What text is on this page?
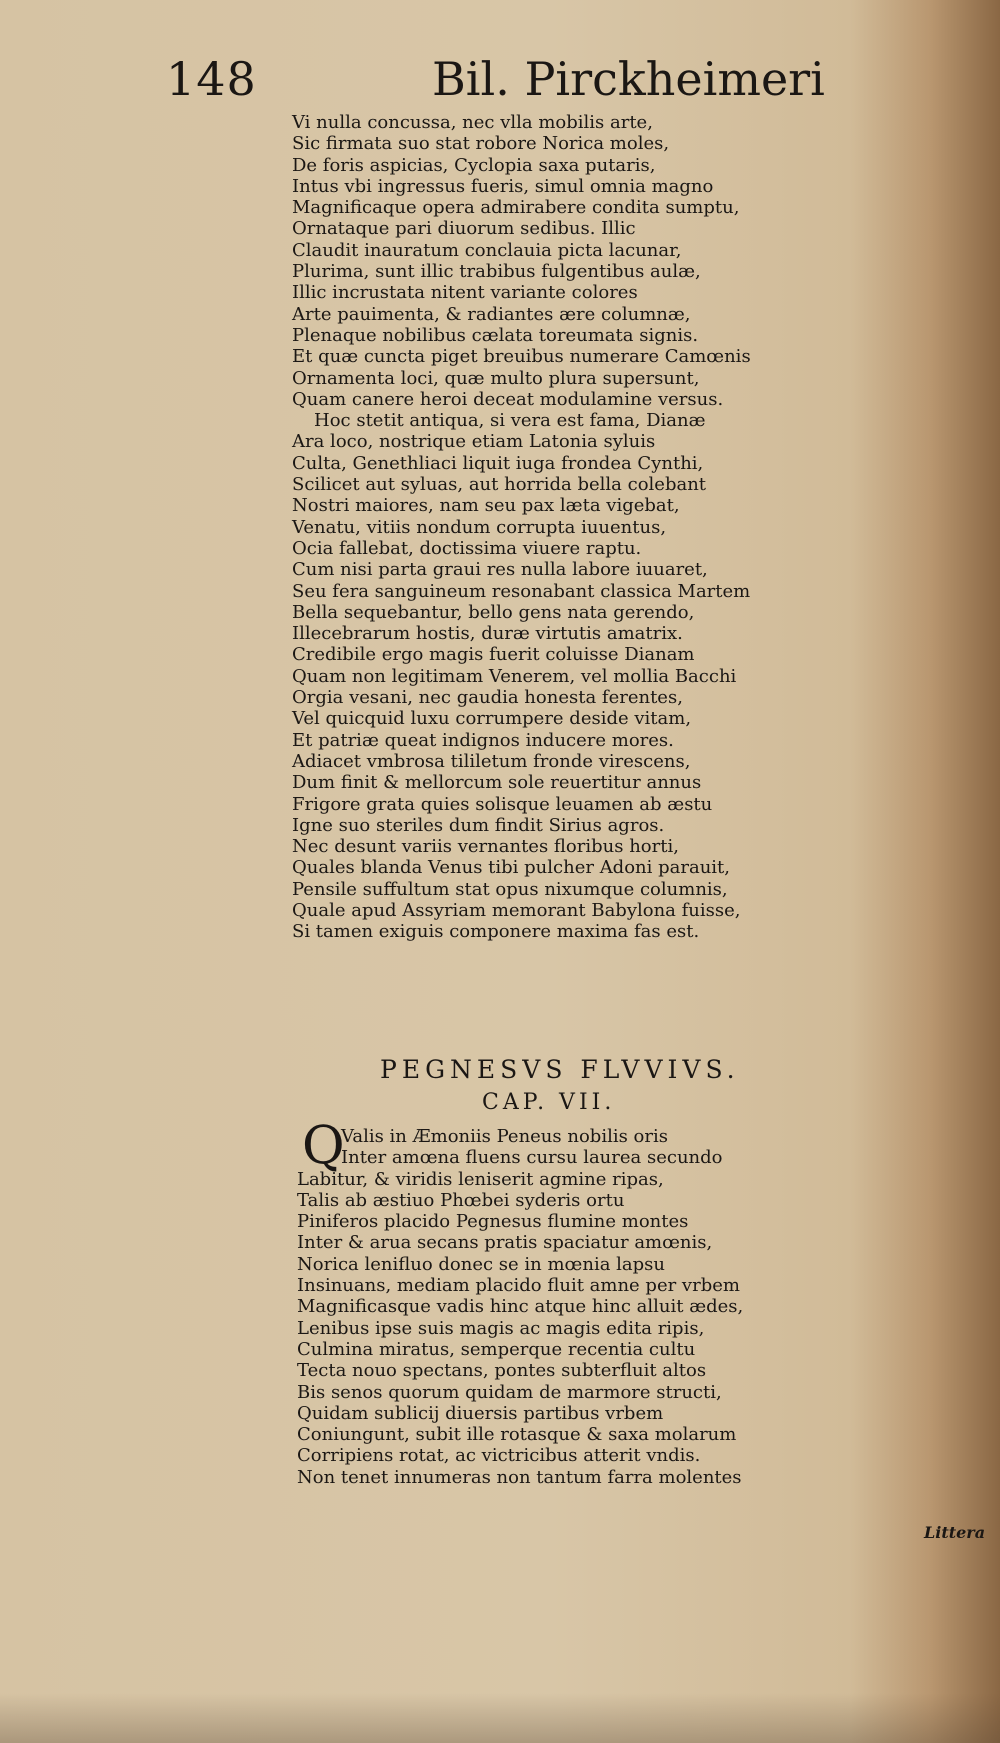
148	Bil. Pirckheimeri
Vi nulla concussa, nec vlla mobilis arte,
Sic firmata suo stat robore Norica moles,
De foris aspicias, Cyclopia saxa putaris,
Intus vbi ingressus fueris, simul omnia magno
Magnificaque opera admirabere condita sumptu,
Ornataque pari diuorum sedibus. Illic
Claudit inauratum conclauia picta lacunar,
Plurima, sunt illic trabibus fulgentibus aulæ,
Illic incrustata nitent variante colores
Arte pauimenta, & radiantes ære columnæ,
Plenaque nobilibus cælata toreumata signis.
Et quæ cuncta piget breuibus numerare Camœnis
Ornamenta loci, quæ multo plura supersunt,
Quam canere heroi deceat modulamine versus.
Hoc stetit antiqua, si vera est fama, Dianæ
Ara loco, nostrique etiam Latonia syluis
Culta, Genethliaci liquit iuga frondea Cynthi,
Scilicet aut syluas, aut horrida bella colebant
Nostri maiores, nam seu pax læta vigebat,
Venatu, vitiis nondum corrupta iuuentus,
Ocia fallebat, doctissima viuere raptu.
Cum nisi parta graui res nulla labore iuuaret,
Seu fera sanguineum resonabant classica Martem
Bella sequebantur, bello gens nata gerendo,
Illecebrarum hostis, duræ virtutis amatrix.
Credibile ergo magis fuerit coluisse Dianam
Quam non legitimam Venerem, vel mollia Bacchi
Orgia vesani, nec gaudia honesta ferentes,
Vel quicquid luxu corrumpere deside vitam,
Et patriæ queat indignos inducere mores.
Adiacet vmbrosa tililetum fronde virescens,
Dum finit & mellorcum sole reuertitur annus
Frigore grata quies solisque leuamen ab æstu
Igne suo steriles dum findit Sirius agros.
Nec desunt variis vernantes floribus horti,
Quales blanda Venus tibi pulcher Adoni parauit,
Pensile suffultum stat opus nixumque columnis,
Quale apud Assyriam memorant Babylona fuisse,
Si tamen exiguis componere maxima fas est.
PEGNESVS FLVVIVS.
CAP. VII.
Q
Valis in Æmoniis Peneus nobilis oris
Inter amœna fluens cursu laurea secundo
Labitur, & viridis leniserit agmine ripas,
Talis ab æstiuo Phœbei syderis ortu
Piniferos placido Pegnesus flumine montes
Inter & arua secans pratis spaciatur amœnis,
Norica lenifluo donec se in mœnia lapsu
Insinuans, mediam placido fluit amne per vrbem
Magnificasque vadis hinc atque hinc alluit ædes,
Lenibus ipse suis magis ac magis edita ripis,
Culmina miratus, semperque recentia cultu
Tecta nouo spectans, pontes subterfluit altos
Bis senos quorum quidam de marmore structi,
Quidam sublicij diuersis partibus vrbem
Coniungunt, subit ille rotasque & saxa molarum
Corripiens rotat, ac victricibus atterit vndis.
Non tenet innumeras non tantum farra molentes
Littera
